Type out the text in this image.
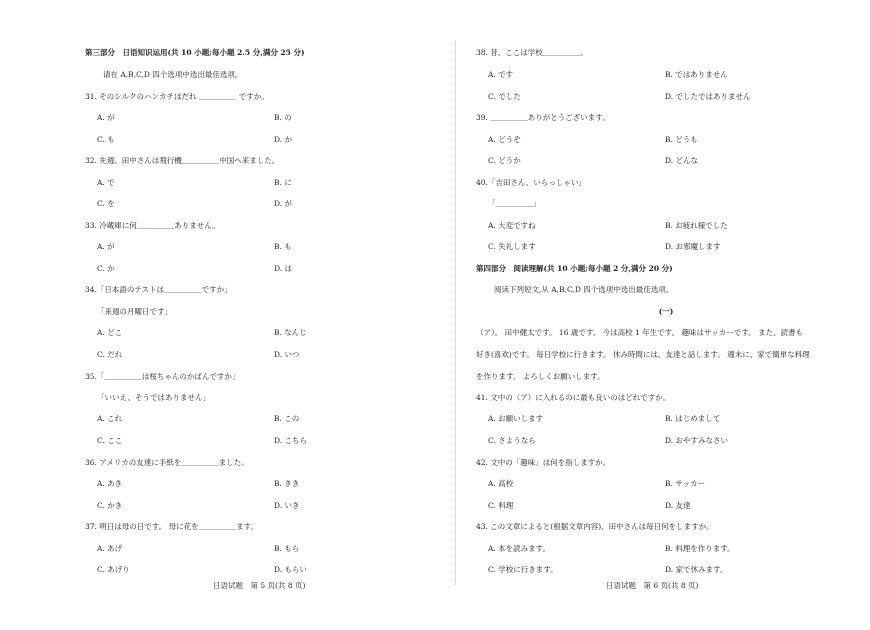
第三部分　日语知识运用(共 10 小题;每小题 2.5 分,满分 25 分)
请在 A,B,C,D 四个选项中选出最佳选项。
31. そのシルクのハンカチはだれ ＿＿＿＿＿ ですか。
A. が	B. の
C. も	D. か
32. 先週、田中さんは飛行機＿＿＿＿＿中国へ来ました。
A. で	B. に
C. を	D. が
33. 冷蔵庫に何＿＿＿＿＿ありません。
A. が	B. も
C. か	D. は
34.「日本語のテストは＿＿＿＿＿ですか」
「来週の月曜日です」
A. どこ	B. なんじ
C. だれ	D. いつ
35.「＿＿＿＿＿は桜ちゃんのかばんですか」
「いいえ、そうではありません」
A. これ	B. この
C. ここ	D. こちら
36. アメリカの友達に手紙を＿＿＿＿＿ました。
A. あき	B. きき
C. かき	D. いき
37. 明日は母の日です。 母に花を＿＿＿＿＿ます。
A. あげ	B. もら
C. あげり	D. もらい
日语试题　第 5 页(共 8 页)
38. 昔、ここは学校＿＿＿＿＿。
A. です	B. ではありません
C. でした	D. でしたではありません
39. ＿＿＿＿＿ありがとうございます。
A. どうぞ	B. どうも
C. どうか	D. どんな
40.「吉田さん、いらっしゃい」
「＿＿＿＿＿」
A. 大変ですね	B. お疲れ様でした
C. 失礼します	D. お邪魔します
第四部分　阅读理解(共 10 小题;每小题 2 分,满分 20 分)
阅读下列短文,从 A,B,C,D 四个选项中选出最佳选项。
(一)
（ア）。 田中健太です。 16 歳です。 今は高校 1 年生です。 趣味はサッカーです。 また、読書も
好き(喜欢)です。 毎日学校に行きます。 休み時間には、友達と話します。 週末に、家で簡単な料理
を作ります。 よろしくお願いします。
41. 文中の（ア）に入れるのに最も良いのはどれですか。
A. お願いします	B. はじめまして
C. さようなら	D. おやすみなさい
42. 文中の「趣味」は何を指しますか。
A. 高校	B. サッカー
C. 料理	D. 友達
43. この文章によると(根据文章内容)、田中さんは毎日何をしますか。
A. 本を読みます。	B. 料理を作ります。
C. 学校に行きます。	D. 家で休みます。
日语试题　第 6 页(共 8 页)
